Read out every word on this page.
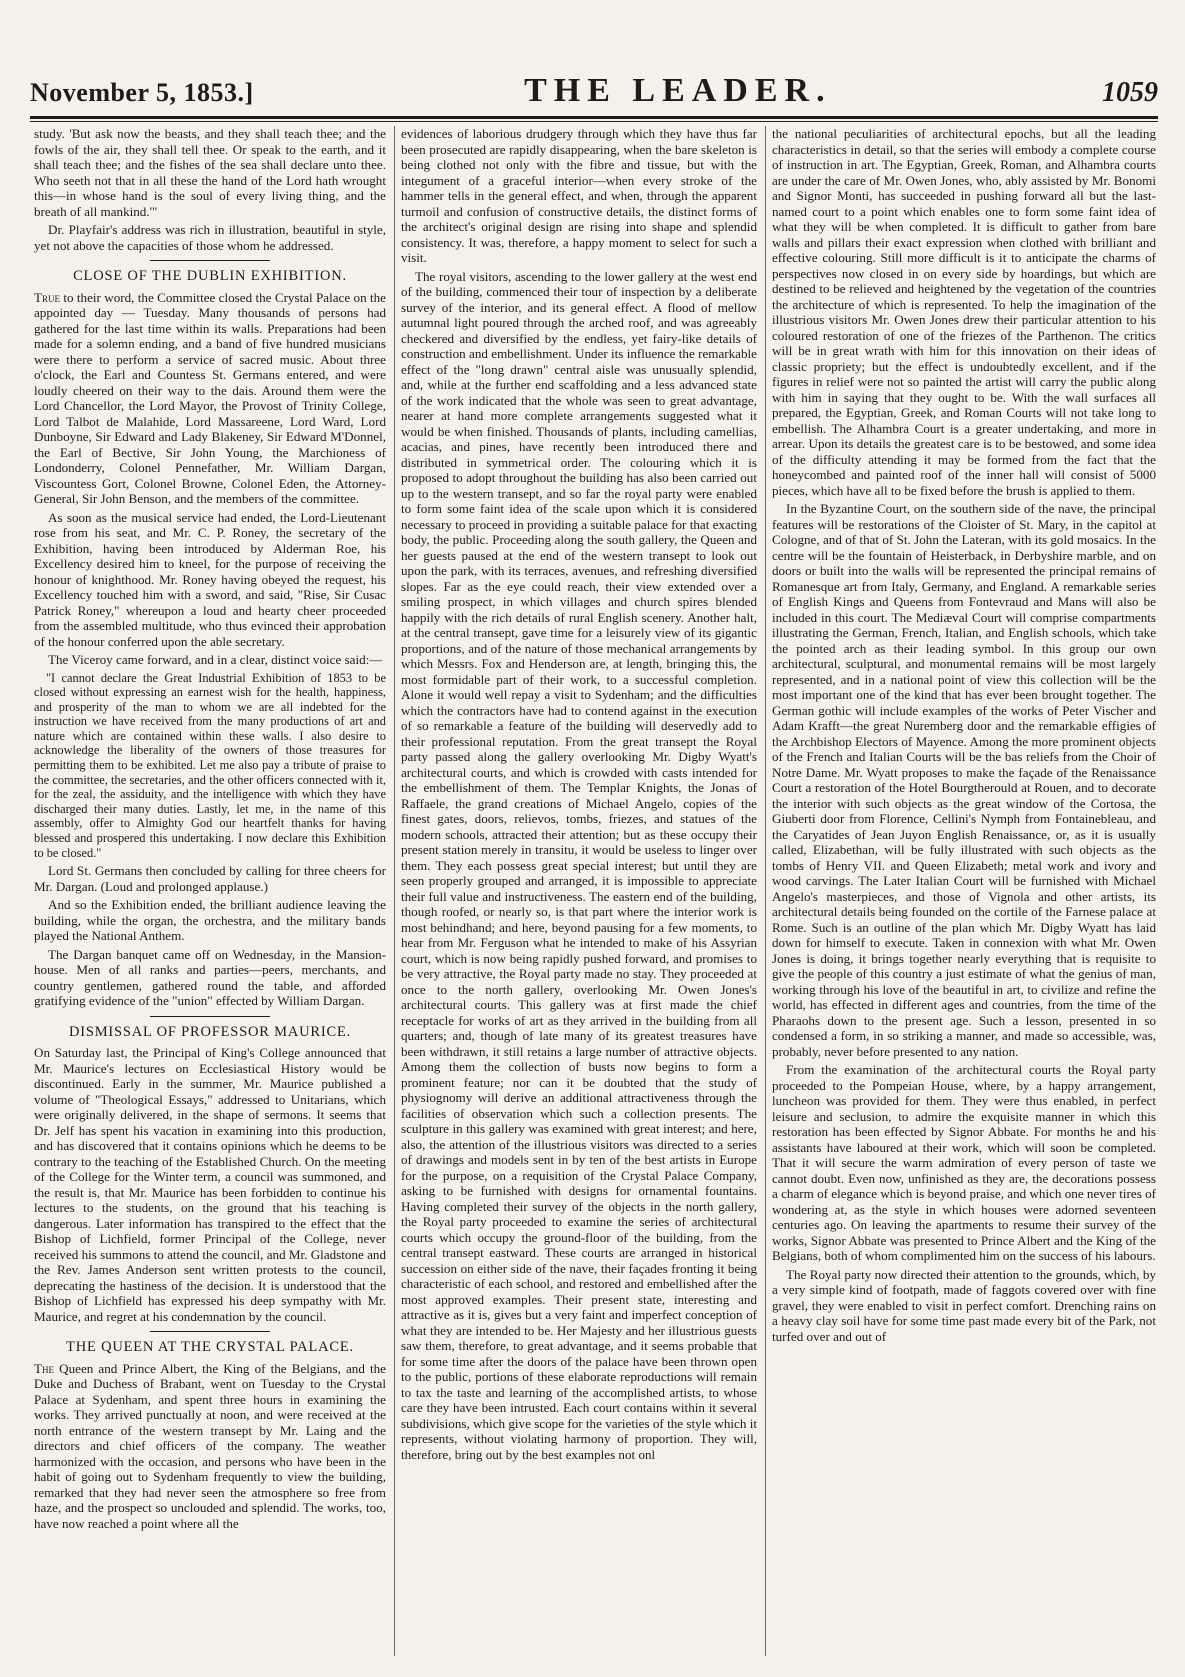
November 5, 1853.]	THE LEADER.	1059

study. 'But ask now the beasts, and they shall teach thee; and the fowls of the air, they shall tell thee. Or speak to the earth, and it shall teach thee; and the fishes of the sea shall declare unto thee. Who seeth not that in all these the hand of the Lord hath wrought this—in whose hand is the soul of every living thing, and the breath of all mankind.'"

Dr. Playfair's address was rich in illustration, beautiful in style, yet not above the capacities of those whom he addressed.

CLOSE OF THE DUBLIN EXHIBITION.

True to their word, the Committee closed the Crystal Palace on the appointed day — Tuesday. Many thousands of persons had gathered for the last time within its walls. Preparations had been made for a solemn ending, and a band of five hundred musicians were there to perform a service of sacred music. About three o'clock, the Earl and Countess St. Germans entered, and were loudly cheered on their way to the dais. Around them were the Lord Chancellor, the Lord Mayor, the Provost of Trinity College, Lord Talbot de Malahide, Lord Massareene, Lord Ward, Lord Dunboyne, Sir Edward and Lady Blakeney, Sir Edward M'Donnel, the Earl of Bective, Sir John Young, the Marchioness of Londonderry, Colonel Pennefather, Mr. William Dargan, Viscountess Gort, Colonel Browne, Colonel Eden, the Attorney-General, Sir John Benson, and the members of the committee.

As soon as the musical service had ended, the Lord-Lieutenant rose from his seat, and Mr. C. P. Roney, the secretary of the Exhibition, having been introduced by Alderman Roe, his Excellency desired him to kneel, for the purpose of receiving the honour of knighthood. Mr. Roney having obeyed the request, his Excellency touched him with a sword, and said, "Rise, Sir Cusac Patrick Roney," whereupon a loud and hearty cheer proceeded from the assembled multitude, who thus evinced their approbation of the honour conferred upon the able secretary.

The Viceroy came forward, and in a clear, distinct voice said:—

"I cannot declare the Great Industrial Exhibition of 1853 to be closed without expressing an earnest wish for the health, happiness, and prosperity of the man to whom we are all indebted for the instruction we have received from the many productions of art and nature which are contained within these walls. I also desire to acknowledge the liberality of the owners of those treasures for permitting them to be exhibited. Let me also pay a tribute of praise to the committee, the secretaries, and the other officers connected with it, for the zeal, the assiduity, and the intelligence with which they have discharged their many duties. Lastly, let me, in the name of this assembly, offer to Almighty God our heartfelt thanks for having blessed and prospered this undertaking. I now declare this Exhibition to be closed."

Lord St. Germans then concluded by calling for three cheers for Mr. Dargan. (Loud and prolonged applause.)

And so the Exhibition ended, the brilliant audience leaving the building, while the organ, the orchestra, and the military bands played the National Anthem.

The Dargan banquet came off on Wednesday, in the Mansion-house. Men of all ranks and parties—peers, merchants, and country gentlemen, gathered round the table, and afforded gratifying evidence of the "union" effected by William Dargan.

DISMISSAL OF PROFESSOR MAURICE.

On Saturday last, the Principal of King's College announced that Mr. Maurice's lectures on Ecclesiastical History would be discontinued. Early in the summer, Mr. Maurice published a volume of "Theological Essays," addressed to Unitarians, which were originally delivered, in the shape of sermons. It seems that Dr. Jelf has spent his vacation in examining into this production, and has discovered that it contains opinions which he deems to be contrary to the teaching of the Established Church. On the meeting of the College for the Winter term, a council was summoned, and the result is, that Mr. Maurice has been forbidden to continue his lectures to the students, on the ground that his teaching is dangerous. Later information has transpired to the effect that the Bishop of Lichfield, former Principal of the College, never received his summons to attend the council, and Mr. Gladstone and the Rev. James Anderson sent written protests to the council, deprecating the hastiness of the decision. It is understood that the Bishop of Lichfield has expressed his deep sympathy with Mr. Maurice, and regret at his condemnation by the council.

THE QUEEN AT THE CRYSTAL PALACE.

The Queen and Prince Albert, the King of the Belgians, and the Duke and Duchess of Brabant, went on Tuesday to the Crystal Palace at Sydenham, and spent three hours in examining the works. They arrived punctually at noon, and were received at the north entrance of the western transept by Mr. Laing and the directors and chief officers of the company. The weather harmonized with the occasion, and persons who have been in the habit of going out to Sydenham frequently to view the building, remarked that they had never seen the atmosphere so free from haze, and the prospect so unclouded and splendid. The works, too, have now reached a point where all the

evidences of laborious drudgery through which they have thus far been prosecuted are rapidly disappearing, when the bare skeleton is being clothed not only with the fibre and tissue, but with the integument of a graceful interior—when every stroke of the hammer tells in the general effect, and when, through the apparent turmoil and confusion of constructive details, the distinct forms of the architect's original design are rising into shape and splendid consistency. It was, therefore, a happy moment to select for such a visit.

The royal visitors, ascending to the lower gallery at the west end of the building, commenced their tour of inspection by a deliberate survey of the interior, and its general effect. A flood of mellow autumnal light poured through the arched roof, and was agreeably checkered and diversified by the endless, yet fairy-like details of construction and embellishment. Under its influence the remarkable effect of the "long drawn" central aisle was unusually splendid, and, while at the further end scaffolding and a less advanced state of the work indicated that the whole was seen to great advantage, nearer at hand more complete arrangements suggested what it would be when finished. Thousands of plants, including camellias, acacias, and pines, have recently been introduced there and distributed in symmetrical order. The colouring which it is proposed to adopt throughout the building has also been carried out up to the western transept, and so far the royal party were enabled to form some faint idea of the scale upon which it is considered necessary to proceed in providing a suitable palace for that exacting body, the public. Proceeding along the south gallery, the Queen and her guests paused at the end of the western transept to look out upon the park, with its terraces, avenues, and refreshing diversified slopes. Far as the eye could reach, their view extended over a smiling prospect, in which villages and church spires blended happily with the rich details of rural English scenery. Another halt, at the central transept, gave time for a leisurely view of its gigantic proportions, and of the nature of those mechanical arrangements by which Messrs. Fox and Henderson are, at length, bringing this, the most formidable part of their work, to a successful completion. Alone it would well repay a visit to Sydenham; and the difficulties which the contractors have had to contend against in the execution of so remarkable a feature of the building will deservedly add to their professional reputation. From the great transept the Royal party passed along the gallery overlooking Mr. Digby Wyatt's architectural courts, and which is crowded with casts intended for the embellishment of them. The Templar Knights, the Jonas of Raffaele, the grand creations of Michael Angelo, copies of the finest gates, doors, relievos, tombs, friezes, and statues of the modern schools, attracted their attention; but as these occupy their present station merely in transitu, it would be useless to linger over them. They each possess great special interest; but until they are seen properly grouped and arranged, it is impossible to appreciate their full value and instructiveness. The eastern end of the building, though roofed, or nearly so, is that part where the interior work is most behindhand; and here, beyond pausing for a few moments, to hear from Mr. Ferguson what he intended to make of his Assyrian court, which is now being rapidly pushed forward, and promises to be very attractive, the Royal party made no stay. They proceeded at once to the north gallery, overlooking Mr. Owen Jones's architectural courts. This gallery was at first made the chief receptacle for works of art as they arrived in the building from all quarters; and, though of late many of its greatest treasures have been withdrawn, it still retains a large number of attractive objects. Among them the collection of busts now begins to form a prominent feature; nor can it be doubted that the study of physiognomy will derive an additional attractiveness through the facilities of observation which such a collection presents. The sculpture in this gallery was examined with great interest; and here, also, the attention of the illustrious visitors was directed to a series of drawings and models sent in by ten of the best artists in Europe for the purpose, on a requisition of the Crystal Palace Company, asking to be furnished with designs for ornamental fountains. Having completed their survey of the objects in the north gallery, the Royal party proceeded to examine the series of architectural courts which occupy the ground-floor of the building, from the central transept eastward. These courts are arranged in historical succession on either side of the nave, their façades fronting it being characteristic of each school, and restored and embellished after the most approved examples. Their present state, interesting and attractive as it is, gives but a very faint and imperfect conception of what they are intended to be. Her Majesty and her illustrious guests saw them, therefore, to great advantage, and it seems probable that for some time after the doors of the palace have been thrown open to the public, portions of these elaborate reproductions will remain to tax the taste and learning of the accomplished artists, to whose care they have been intrusted. Each court contains within it several subdivisions, which give scope for the varieties of the style which it represents, without violating harmony of proportion. They will, therefore, bring out by the best examples not onl

the national peculiarities of architectural epochs, but all the leading characteristics in detail, so that the series will embody a complete course of instruction in art. The Egyptian, Greek, Roman, and Alhambra courts are under the care of Mr. Owen Jones, who, ably assisted by Mr. Bonomi and Signor Monti, has succeeded in pushing forward all but the last-named court to a point which enables one to form some faint idea of what they will be when completed. It is difficult to gather from bare walls and pillars their exact expression when clothed with brilliant and effective colouring. Still more difficult is it to anticipate the charms of perspectives now closed in on every side by hoardings, but which are destined to be relieved and heightened by the vegetation of the countries the architecture of which is represented. To help the imagination of the illustrious visitors Mr. Owen Jones drew their particular attention to his coloured restoration of one of the friezes of the Parthenon. The critics will be in great wrath with him for this innovation on their ideas of classic propriety; but the effect is undoubtedly excellent, and if the figures in relief were not so painted the artist will carry the public along with him in saying that they ought to be. With the wall surfaces all prepared, the Egyptian, Greek, and Roman Courts will not take long to embellish. The Alhambra Court is a greater undertaking, and more in arrear. Upon its details the greatest care is to be bestowed, and some idea of the difficulty attending it may be formed from the fact that the honeycombed and painted roof of the inner hall will consist of 5000 pieces, which have all to be fixed before the brush is applied to them.

In the Byzantine Court, on the southern side of the nave, the principal features will be restorations of the Cloister of St. Mary, in the capitol at Cologne, and of that of St. John the Lateran, with its gold mosaics. In the centre will be the fountain of Heisterback, in Derbyshire marble, and on doors or built into the walls will be represented the principal remains of Romanesque art from Italy, Germany, and England. A remarkable series of English Kings and Queens from Fontevraud and Mans will also be included in this court. The Mediæval Court will comprise compartments illustrating the German, French, Italian, and English schools, which take the pointed arch as their leading symbol. In this group our own architectural, sculptural, and monumental remains will be most largely represented, and in a national point of view this collection will be the most important one of the kind that has ever been brought together. The German gothic will include examples of the works of Peter Vischer and Adam Krafft—the great Nuremberg door and the remarkable effigies of the Archbishop Electors of Mayence. Among the more prominent objects of the French and Italian Courts will be the bas reliefs from the Choir of Notre Dame. Mr. Wyatt proposes to make the façade of the Renaissance Court a restoration of the Hotel Bourgtherould at Rouen, and to decorate the interior with such objects as the great window of the Cortosa, the Giuberti door from Florence, Cellini's Nymph from Fontainebleau, and the Caryatides of Jean Juyon English Renaissance, or, as it is usually called, Elizabethan, will be fully illustrated with such objects as the tombs of Henry VII. and Queen Elizabeth; metal work and ivory and wood carvings. The Later Italian Court will be furnished with Michael Angelo's masterpieces, and those of Vignola and other artists, its architectural details being founded on the cortile of the Farnese palace at Rome. Such is an outline of the plan which Mr. Digby Wyatt has laid down for himself to execute. Taken in connexion with what Mr. Owen Jones is doing, it brings together nearly everything that is requisite to give the people of this country a just estimate of what the genius of man, working through his love of the beautiful in art, to civilize and refine the world, has effected in different ages and countries, from the time of the Pharaohs down to the present age. Such a lesson, presented in so condensed a form, in so striking a manner, and made so accessible, was, probably, never before presented to any nation.

From the examination of the architectural courts the Royal party proceeded to the Pompeian House, where, by a happy arrangement, luncheon was provided for them. They were thus enabled, in perfect leisure and seclusion, to admire the exquisite manner in which this restoration has been effected by Signor Abbate. For months he and his assistants have laboured at their work, which will soon be completed. That it will secure the warm admiration of every person of taste we cannot doubt. Even now, unfinished as they are, the decorations possess a charm of elegance which is beyond praise, and which one never tires of wondering at, as the style in which houses were adorned seventeen centuries ago. On leaving the apartments to resume their survey of the works, Signor Abbate was presented to Prince Albert and the King of the Belgians, both of whom complimented him on the success of his labours.

The Royal party now directed their attention to the grounds, which, by a very simple kind of footpath, made of faggots covered over with fine gravel, they were enabled to visit in perfect comfort. Drenching rains on a heavy clay soil have for some time past made every bit of the Park, not turfed over and out of
